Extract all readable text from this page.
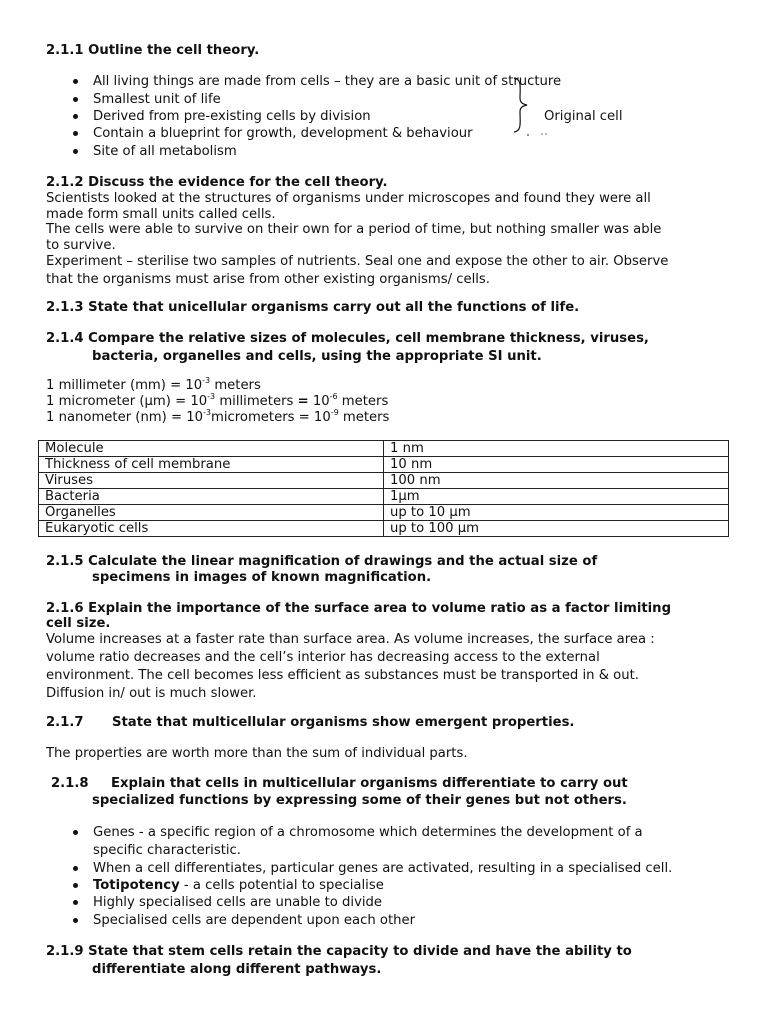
2.1.1 Outline the cell theory.
All living things are made from cells – they are a basic unit of structure
Smallest unit of life
Derived from pre-existing cells by division
Contain a blueprint for growth, development & behaviour
Site of all metabolism
Original cell
2.1.2 Discuss the evidence for the cell theory.
Scientists looked at the structures of organisms under microscopes and found they were all
made form small units called cells.
The cells were able to survive on their own for a period of time, but nothing smaller was able
to survive.
Experiment – sterilise two samples of nutrients. Seal one and expose the other to air. Observe
that the organisms must arise from other existing organisms/ cells.
2.1.3 State that unicellular organisms carry out all the functions of life.
2.1.4 Compare the relative sizes of molecules, cell membrane thickness, viruses,
bacteria, organelles and cells, using the appropriate SI unit.
1 millimeter $(mm) = 10^{-3}$ meters
1 micrometer $(\mu m) = 10^{-3}$ millimeters = $10^{-6}$ meters
1 nanometer $(nm) = 10^{-3}micrometers = 10^{-9}$ meters
Molecule	1 nm
Thickness of cell membrane	10 nm
Viruses	100 nm
Bacteria	1µm
Organelles	up to 10 µm
Eukaryotic cells	up to 100 µm
2.1.5 Calculate the linear magnification of drawings and the actual size of
specimens in images of known magnification.
2.1.6 Explain the importance of the surface area to volume ratio as a factor limiting
cell size.
Volume increases at a faster rate than surface area. As volume increases, the surface area :
volume ratio decreases and the cell’s interior has decreasing access to the external
environment. The cell becomes less efficient as substances must be transported in & out.
Diffusion in/ out is much slower.
2.1.7 State that multicellular organisms show emergent properties.
The properties are worth more than the sum of individual parts.
2.1.8 Explain that cells in multicellular organisms differentiate to carry out
specialized functions by expressing some of their genes but not others.
Genes - a specific region of a chromosome which determines the development of a
specific characteristic.
When a cell differentiates, particular genes are activated, resulting in a specialised cell.
Totipotency - a cells potential to specialise
Highly specialised cells are unable to divide
Specialised cells are dependent upon each other
2.1.9 State that stem cells retain the capacity to divide and have the ability to
differentiate along different pathways.
